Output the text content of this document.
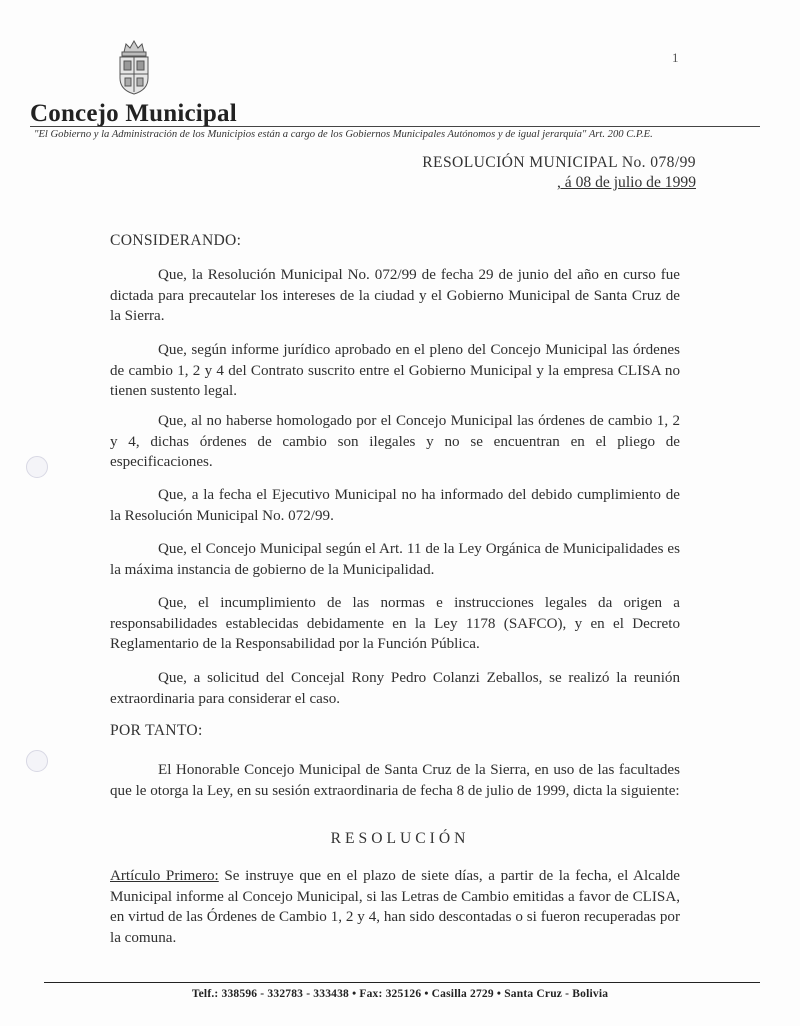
Concejo Municipal
"El Gobierno y la Administración de los Municipios están a cargo de los Gobiernos Municipales Autónomos y de igual jerarquía" Art. 200 C.P.E.
1
RESOLUCIÓN MUNICIPAL No. 078/99
, á 08 de julio de 1999
CONSIDERANDO:
Que, la Resolución Municipal No. 072/99 de fecha 29 de junio del año en curso fue dictada para precautelar los intereses de la ciudad y el Gobierno Municipal de Santa Cruz de la Sierra.
Que, según informe jurídico aprobado en el pleno del Concejo Municipal las órdenes de cambio 1, 2 y 4 del Contrato suscrito entre el Gobierno Municipal y la empresa CLISA no tienen sustento legal.
Que, al no haberse homologado por el Concejo Municipal las órdenes de cambio 1, 2 y 4, dichas órdenes de cambio son ilegales y no se encuentran en el pliego de especificaciones.
Que, a la fecha el Ejecutivo Municipal no ha informado del debido cumplimiento de la Resolución Municipal No. 072/99.
Que, el Concejo Municipal según el Art. 11 de la Ley Orgánica de Municipalidades es la máxima instancia de gobierno de la Municipalidad.
Que, el incumplimiento de las normas e instrucciones legales da origen a responsabilidades establecidas debidamente en la Ley 1178 (SAFCO), y en el Decreto Reglamentario de la Responsabilidad por la Función Pública.
Que, a solicitud del Concejal Rony Pedro Colanzi Zeballos, se realizó la reunión extraordinaria para considerar el caso.
POR TANTO:
El Honorable Concejo Municipal de Santa Cruz de la Sierra, en uso de las facultades que le otorga la Ley, en su sesión extraordinaria de fecha 8 de julio de 1999, dicta la siguiente:
RESOLUCIÓN
Artículo Primero: Se instruye que en el plazo de siete días, a partir de la fecha, el Alcalde Municipal informe al Concejo Municipal, si las Letras de Cambio emitidas a favor de CLISA, en virtud de las Órdenes de Cambio 1, 2 y 4, han sido descontadas o si fueron recuperadas por la comuna.
Telf.: 338596 - 332783 - 333438 • Fax: 325126 • Casilla 2729 • Santa Cruz - Bolivia
